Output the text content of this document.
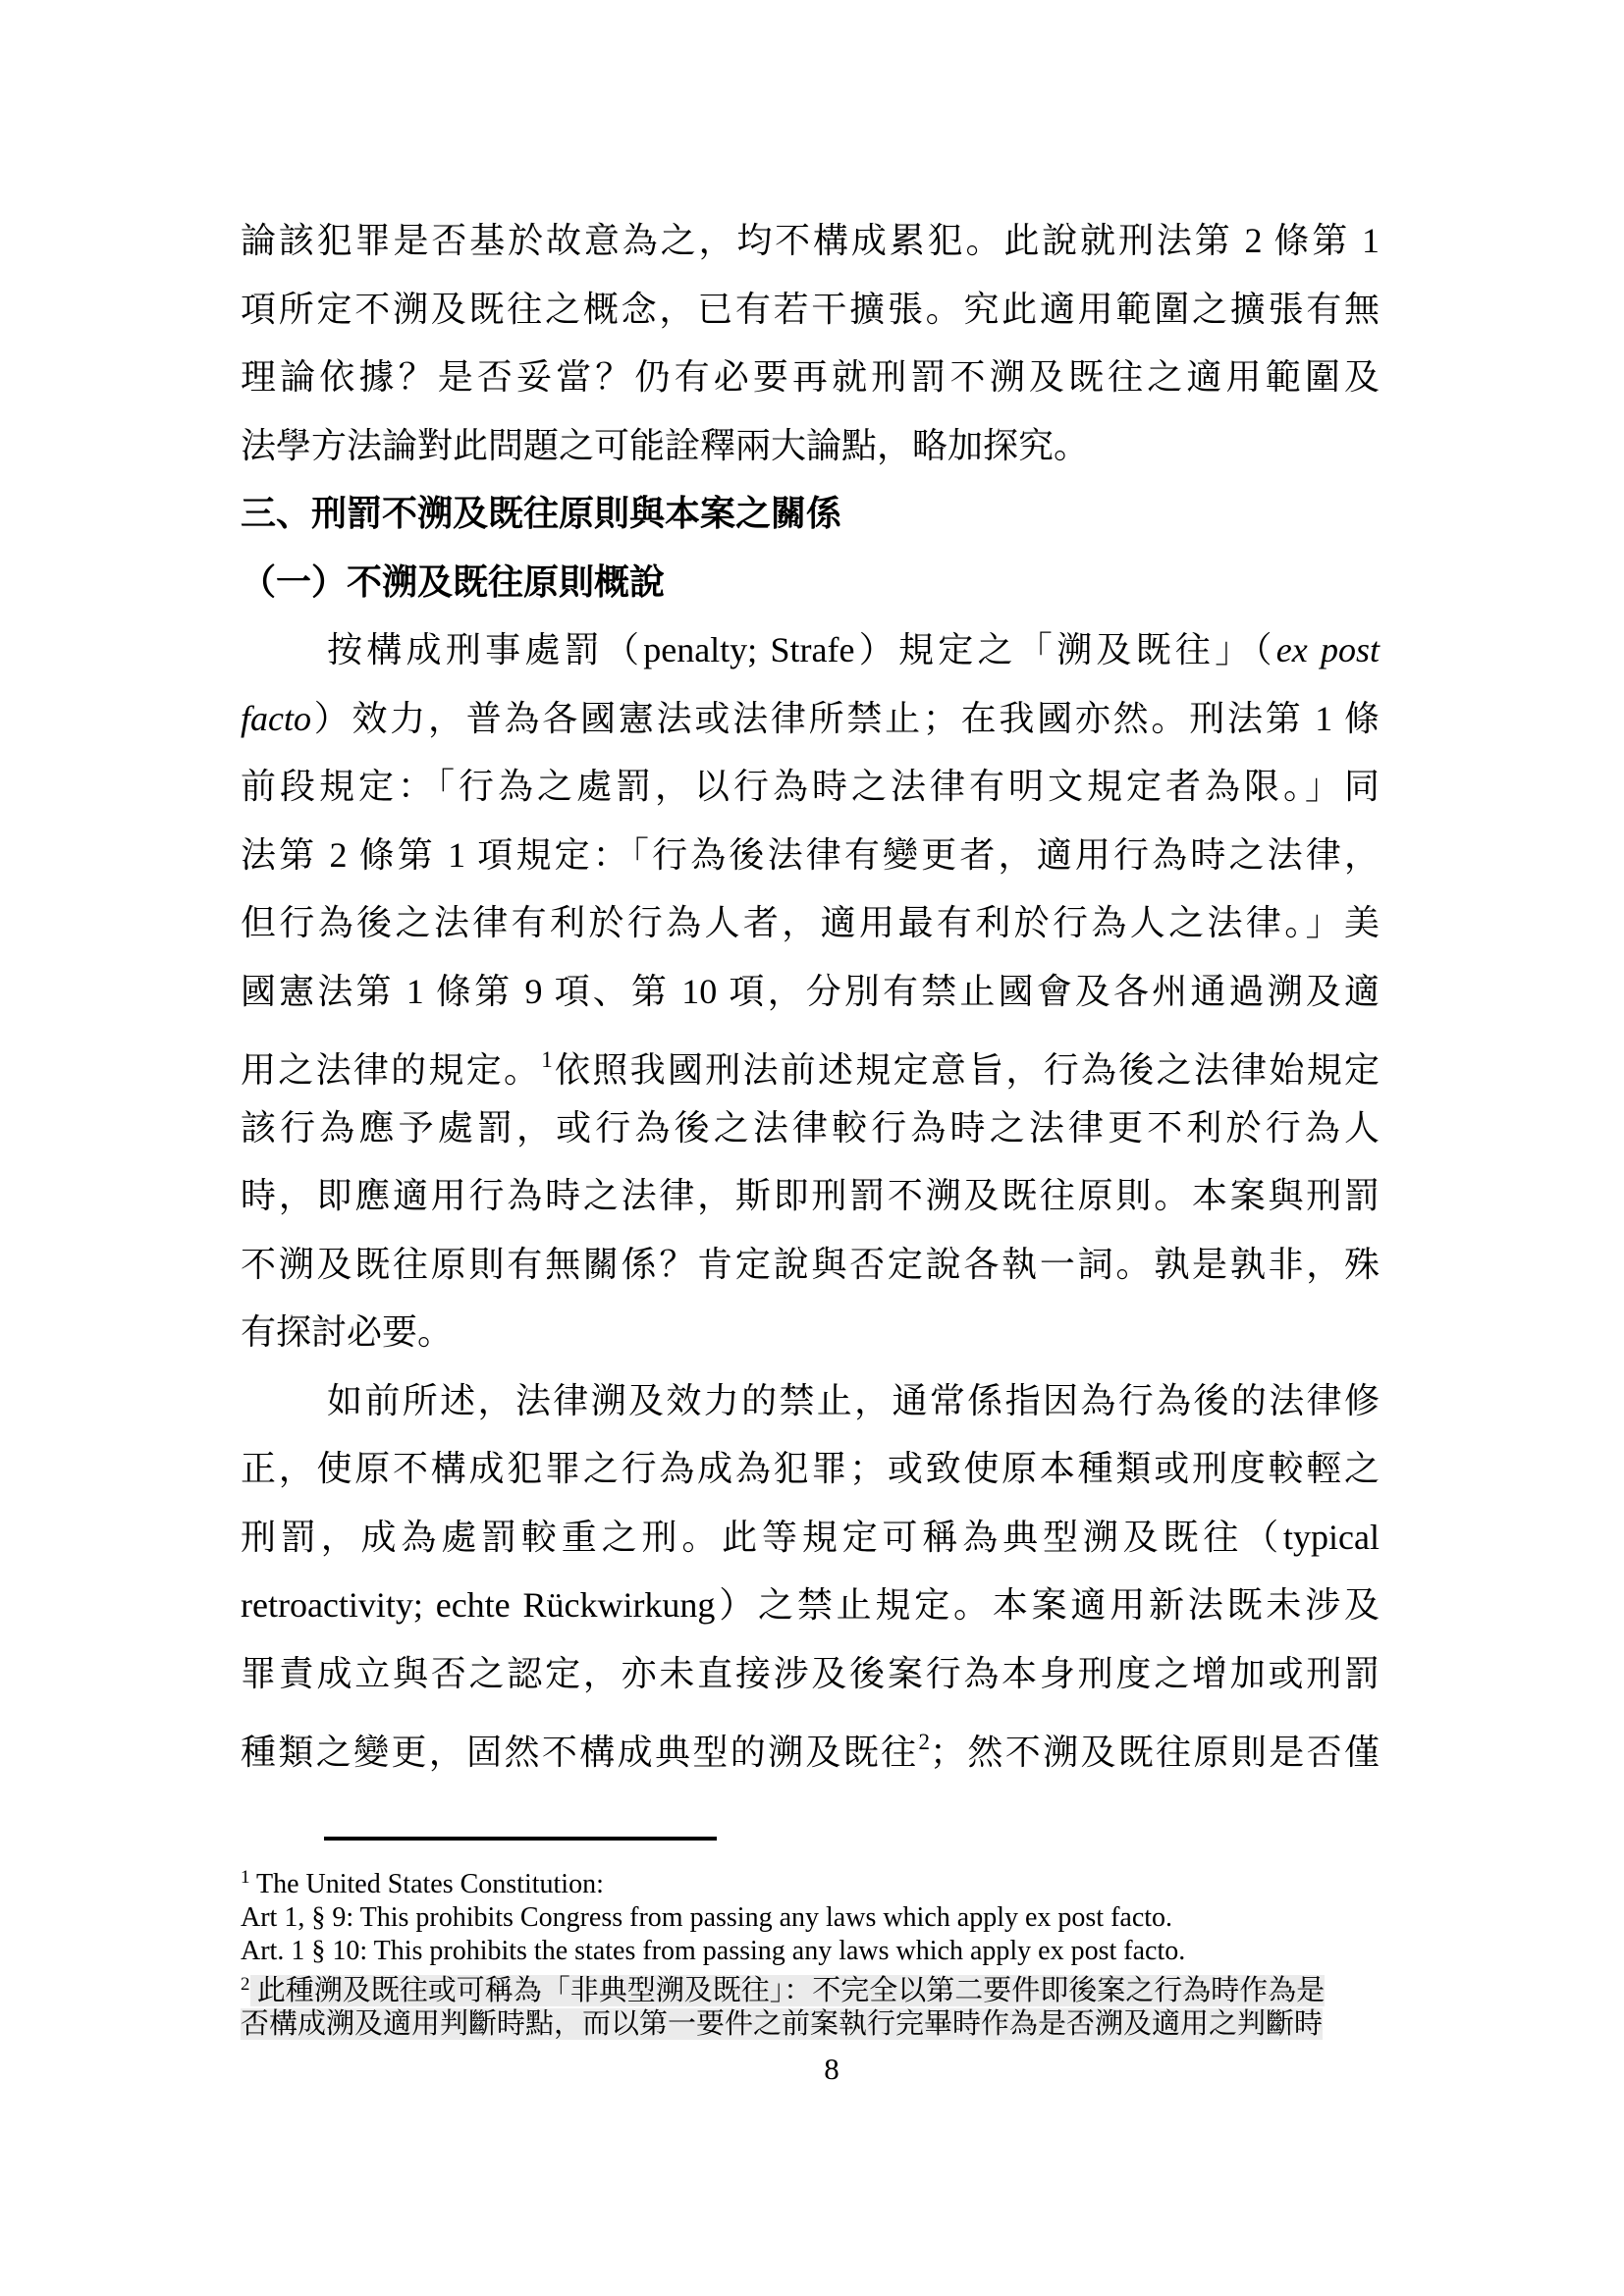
論該犯罪是否基於故意為之，均不構成累犯。此說就刑法第 2 條第 1
項所定不溯及既往之概念，已有若干擴張。究此適用範圍之擴張有無
理論依據？是否妥當？仍有必要再就刑罰不溯及既往之適用範圍及
法學方法論對此問題之可能詮釋兩大論點，略加探究。
三、刑罰不溯及既往原則與本案之關係
（一）不溯及既往原則概說
按構成刑事處罰（penalty; Strafe）規定之「溯及既往」（ex post
facto）效力，普為各國憲法或法律所禁止；在我國亦然。刑法第 1 條
前段規定：「行為之處罰，以行為時之法律有明文規定者為限。」同
法第 2 條第 1 項規定：「行為後法律有變更者，適用行為時之法律，
但行為後之法律有利於行為人者，適用最有利於行為人之法律。」美
國憲法第 1 條第 9 項、第 10 項，分別有禁止國會及各州通過溯及適
用之法律的規定。$^1$依照我國刑法前述規定意旨，行為後之法律始規定
該行為應予處罰，或行為後之法律較行為時之法律更不利於行為人
時，即應適用行為時之法律，斯即刑罰不溯及既往原則。本案與刑罰
不溯及既往原則有無關係？肯定說與否定說各執一詞。孰是孰非，殊
有探討必要。
如前所述，法律溯及效力的禁止，通常係指因為行為後的法律修
正，使原不構成犯罪之行為成為犯罪；或致使原本種類或刑度較輕之
刑罰，成為處罰較重之刑。此等規定可稱為典型溯及既往（typical
retroactivity; echte Rückwirkung）之禁止規定。本案適用新法既未涉及
罪責成立與否之認定，亦未直接涉及後案行為本身刑度之增加或刑罰
種類之變更，固然不構成典型的溯及既往$^2$；然不溯及既往原則是否僅
$^1$ The United States Constitution:
Art 1, § 9: This prohibits Congress from passing any laws which apply ex post facto.
Art. 1 § 10: This prohibits the states from passing any laws which apply ex post facto.
$^2$ 此種溯及既往或可稱為「非典型溯及既往」：不完全以第二要件即後案之行為時作為是
否構成溯及適用判斷時點，而以第一要件之前案執行完畢時作為是否溯及適用之判斷時
8
